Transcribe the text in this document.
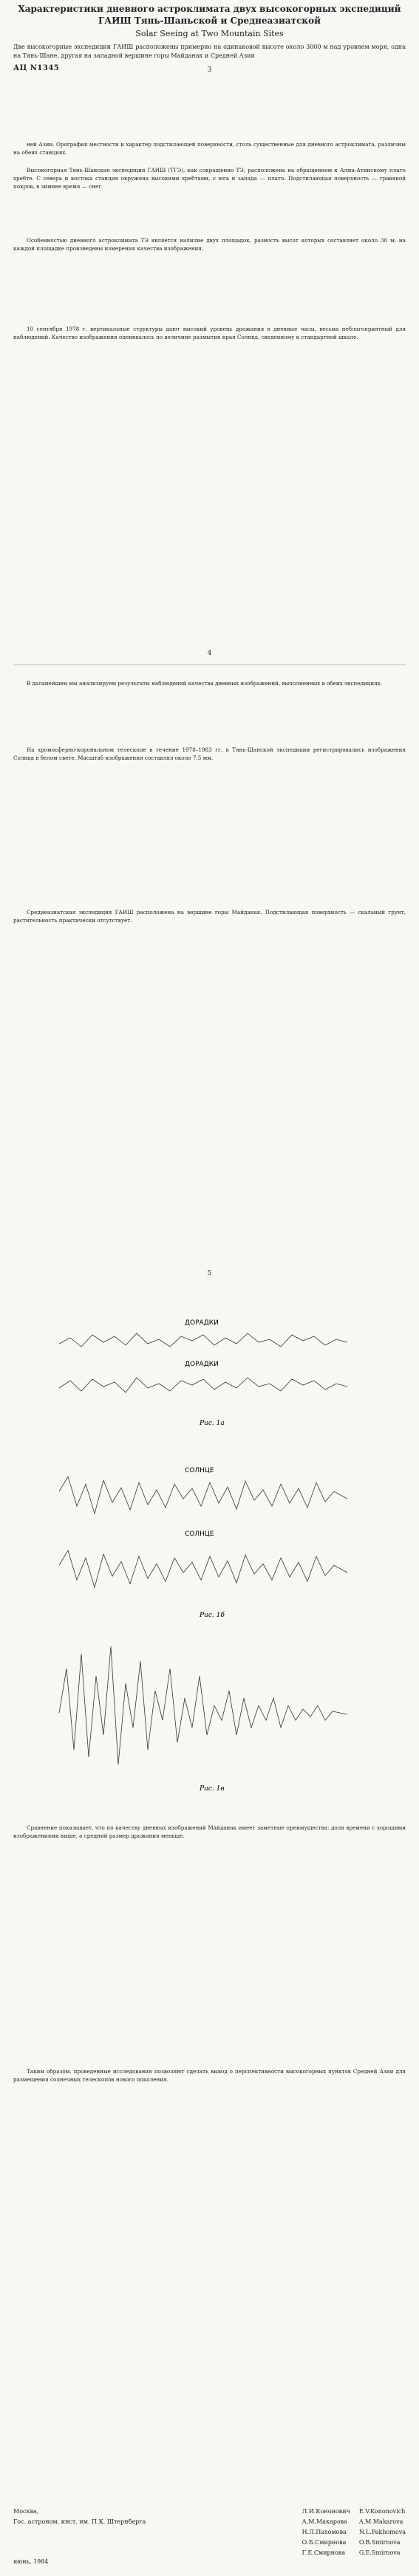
Характеристики дневного астроклимата двух высокогорных экспедиций ГАИШ Тянь-Шаньской и Среднеазиатской
Solar Seeing at Two Mountain Sites
Две высокогорные экспедиции ГАИШ расположены примерно на одинаковой высоте около 3000 м над уровнем моря, одна на Тянь-Шане, другая на западной вершине горы Майданак и Средней Азии
АЦ N1345	3

ней Азии. Орография местности и характер подстилающей поверхности, столь существенные для дневного астроклимата, различны на обеих станциях.

Высокогорная Тянь-Шанская экспедиция ГАИШ (ТГЭ), как сокращенно ТЭ, расположена на обращенном к Алма-Атинскому плато хребте. С севера и востока станция окружена высокими хребтами, с юга и запада — плато. Подстилающая поверхность — травяной покров, в зимнее время — снег.

Особенностью дневного астроклимата ТЭ является наличие двух площадок, разность высот которых составляет около 30 м; на каждой площадке произведены измерения качества изображения.

10 сентября 1978 г. вертикальные структуры дают высокий уровень дрожания в дневные часы, весьма неблагоприятный для наблюдений. Качество изображения оценивалось по величине размытия края Солнца, сведенному к стандартной шкале.

4

В дальнейшем мы анализируем результаты наблюдений качества дневных изображений, выполненных в обеих экспедициях.

На хромосферно-корональном телескопе в течение 1978–1983 гг. в Тянь-Шанской экспедиции регистрировались изображения Солнца в белом свете. Масштаб изображения составлял около 7,5 мм.

Среднеазиатская экспедиция ГАИШ расположена на вершине горы Майданак. Подстилающая поверхность — скальный грунт, растительность практически отсутствует.

5
ДОРАДКИ
ДОРАДКИ
Рис. 1а
СОЛНЦЕ
СОЛНЦЕ
Рис. 1б
Рис. 1в

Сравнение показывает, что по качеству дневных изображений Майданак имеет заметные преимущества: доля времени с хорошими изображениями выше, а средний размер дрожания меньше.

Таким образом, проведенные исследования позволяют сделать вывод о перспективности высокогорных пунктов Средней Азии для размещения солнечных телескопов нового поколения.

Москва,
Гос. астроном. инст. им. П.К. Штернберга
июнь, 1984
Л.И.Кононович
А.М.Макарова
Н.Л.Пахомова
О.Б.Смирнова
Г.Е.Смирнова
E.V.Kononovich
A.M.Makarova
N.L.Pakhomova
O.B.Smirnova
G.E.Smirnova
